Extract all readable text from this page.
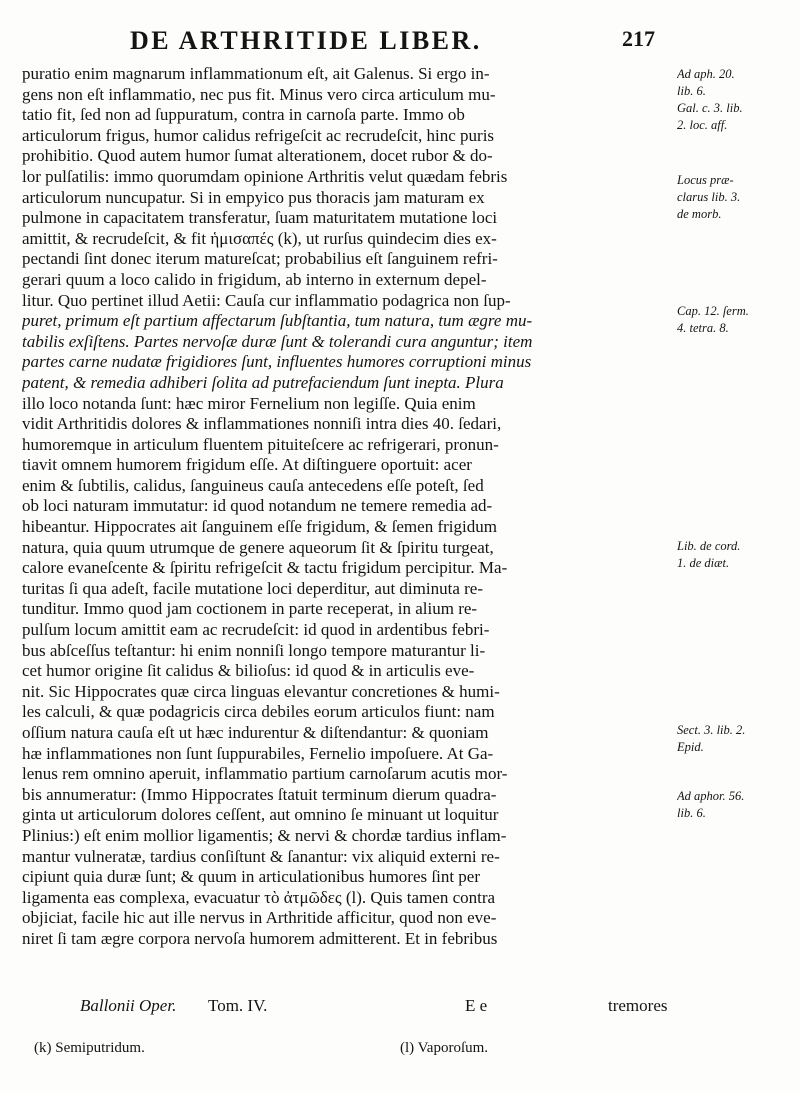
DE ARTHRITIDE LIBER.	217
puratio enim magnarum inflammationum eſt, ait Galenus. Si ergo in-
gens non eſt inflammatio, nec pus fit. Minus vero circa articulum mu-
tatio fit, ſed non ad ſuppuratum, contra in carnoſa parte. Immo ob
articulorum frigus, humor calidus refrigeſcit ac recrudeſcit, hinc puris
prohibitio. Quod autem humor ſumat alterationem, docet rubor & do-
lor pulſatilis: immo quorumdam opinione Arthritis velut quædam febris
articulorum nuncupatur. Si in empyico pus thoracis jam maturam ex
pulmone in capacitatem transferatur, ſuam maturitatem mutatione loci
amittit, & recrudeſcit, & fit ἡμισαπές (k), ut rurſus quindecim dies ex-
pectandi ſint donec iterum matureſcat; probabilius eſt ſanguinem refri-
gerari quum a loco calido in frigidum, ab interno in externum depel-
litur. Quo pertinet illud Aetii: Cauſa cur inflammatio podagrica non ſup-
puret, primum eſt partium affectarum ſubſtantia, tum natura, tum ægre mu-
tabilis exſiſtens. Partes nervoſæ duræ ſunt & tolerandi cura anguntur; item
partes carne nudatæ frigidiores ſunt, influentes humores corruptioni minus
patent, & remedia adhiberi ſolita ad putrefaciendum ſunt inepta. Plura
illo loco notanda ſunt: hæc miror Fernelium non legiſſe. Quia enim
vidit Arthritidis dolores & inflammationes nonniſi intra dies 40. ſedari,
humoremque in articulum fluentem pituiteſcere ac refrigerari, pronun-
tiavit omnem humorem frigidum eſſe. At diſtinguere oportuit: acer
enim & ſubtilis, calidus, ſanguineus cauſa antecedens eſſe poteſt, ſed
ob loci naturam immutatur: id quod notandum ne temere remedia ad-
hibeantur. Hippocrates ait ſanguinem eſſe frigidum, & ſemen frigidum
natura, quia quum utrumque de genere aqueorum ſit & ſpiritu turgeat,
calore evaneſcente & ſpiritu refrigeſcit & tactu frigidum percipitur. Ma-
turitas ſi qua adeſt, facile mutatione loci deperditur, aut diminuta re-
tunditur. Immo quod jam coctionem in parte receperat, in alium re-
pulſum locum amittit eam ac recrudeſcit: id quod in ardentibus febri-
bus abſceſſus teſtantur: hi enim nonniſi longo tempore maturantur li-
cet humor origine ſit calidus & bilioſus: id quod & in articulis eve-
nit. Sic Hippocrates quæ circa linguas elevantur concretiones & humi-
les calculi, & quæ podagricis circa debiles eorum articulos fiunt: nam
oſſium natura cauſa eſt ut hæc indurentur & diſtendantur: & quoniam
hæ inflammationes non ſunt ſuppurabiles, Fernelio impoſuere. At Ga-
lenus rem omnino aperuit, inflammatio partium carnoſarum acutis mor-
bis annumeratur: (Immo Hippocrates ſtatuit terminum dierum quadra-
ginta ut articulorum dolores ceſſent, aut omnino ſe minuant ut loquitur
Plinius:) eſt enim mollior ligamentis; & nervi & chordæ tardius inflam-
mantur vulneratæ, tardius conſiſtunt & ſanantur: vix aliquid externi re-
cipiunt quia duræ ſunt; & quum in articulationibus humores ſint per
ligamenta eas complexa, evacuatur τὸ ἀτμῶδες (l). Quis tamen contra
objiciat, facile hic aut ille nervus in Arthritide afficitur, quod non eve-
niret ſi tam ægre corpora nervoſa humorem admitterent. Et in febribus
Ad aph. 20.
lib. 6.
Gal. c. 3. lib.
2. loc. aff.
Locus præ-
clarus lib. 3.
de morb.
Cap. 12. ſerm.
4. tetra. 8.
Lib. de cord.
1. de diæt.
Sect. 3. lib. 2.
Epid.
Ad aphor. 56.
lib. 6.
Ballonii Oper. Tom. IV.	E e	tremores
(k) Semiputridum.	(l) Vaporoſum.
